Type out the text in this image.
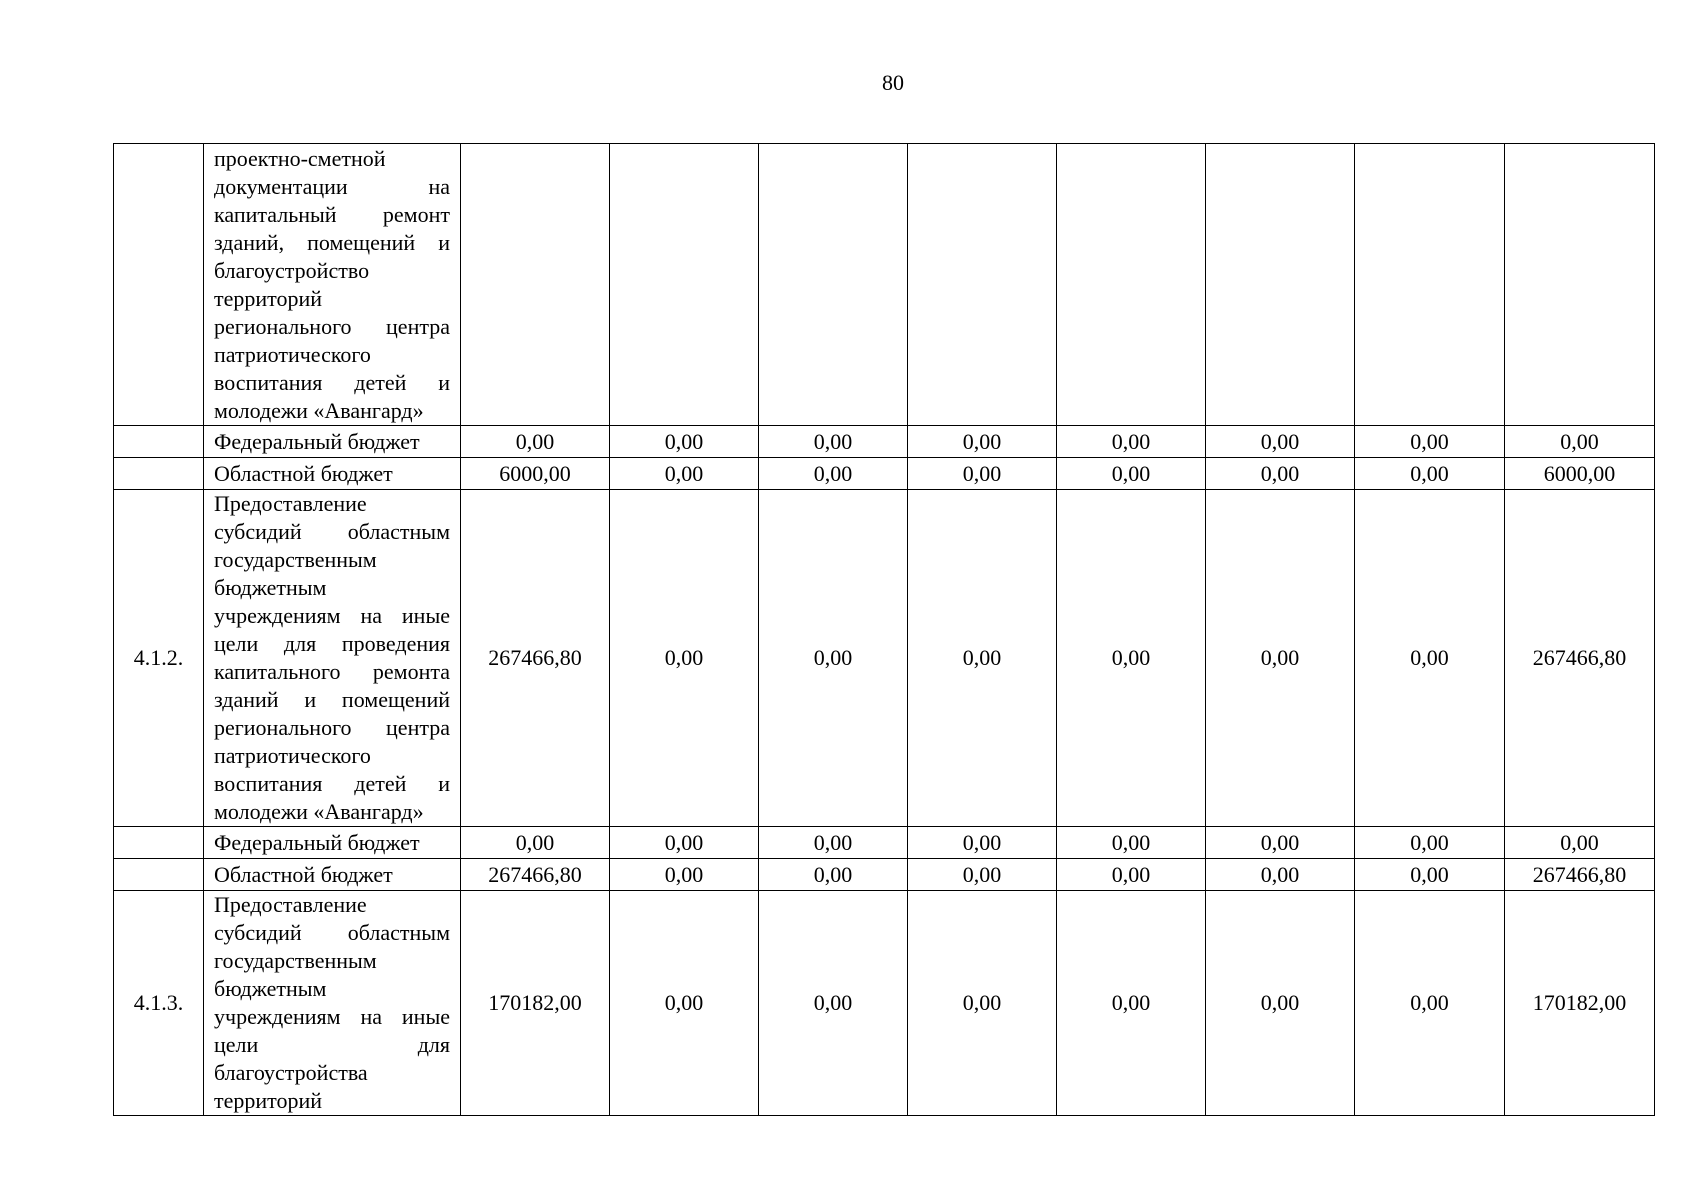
80
	проектно-сметной документации на капитальный ремонт зданий, помещений и благоустройство территорий регионального центра патриотического воспитания детей и молодежи «Авангард»								
	Федеральный бюджет	0,00	0,00	0,00	0,00	0,00	0,00	0,00	0,00
	Областной бюджет	6000,00	0,00	0,00	0,00	0,00	0,00	0,00	6000,00
4.1.2.	Предоставление субсидий областным государственным бюджетным учреждениям на иные цели для проведения капитального ремонта зданий и помещений регионального центра патриотического воспитания детей и молодежи «Авангард»	267466,80	0,00	0,00	0,00	0,00	0,00	0,00	267466,80
	Федеральный бюджет	0,00	0,00	0,00	0,00	0,00	0,00	0,00	0,00
	Областной бюджет	267466,80	0,00	0,00	0,00	0,00	0,00	0,00	267466,80
4.1.3.	Предоставление субсидий областным государственным бюджетным учреждениям на иные цели для благоустройства территорий	170182,00	0,00	0,00	0,00	0,00	0,00	0,00	170182,00
